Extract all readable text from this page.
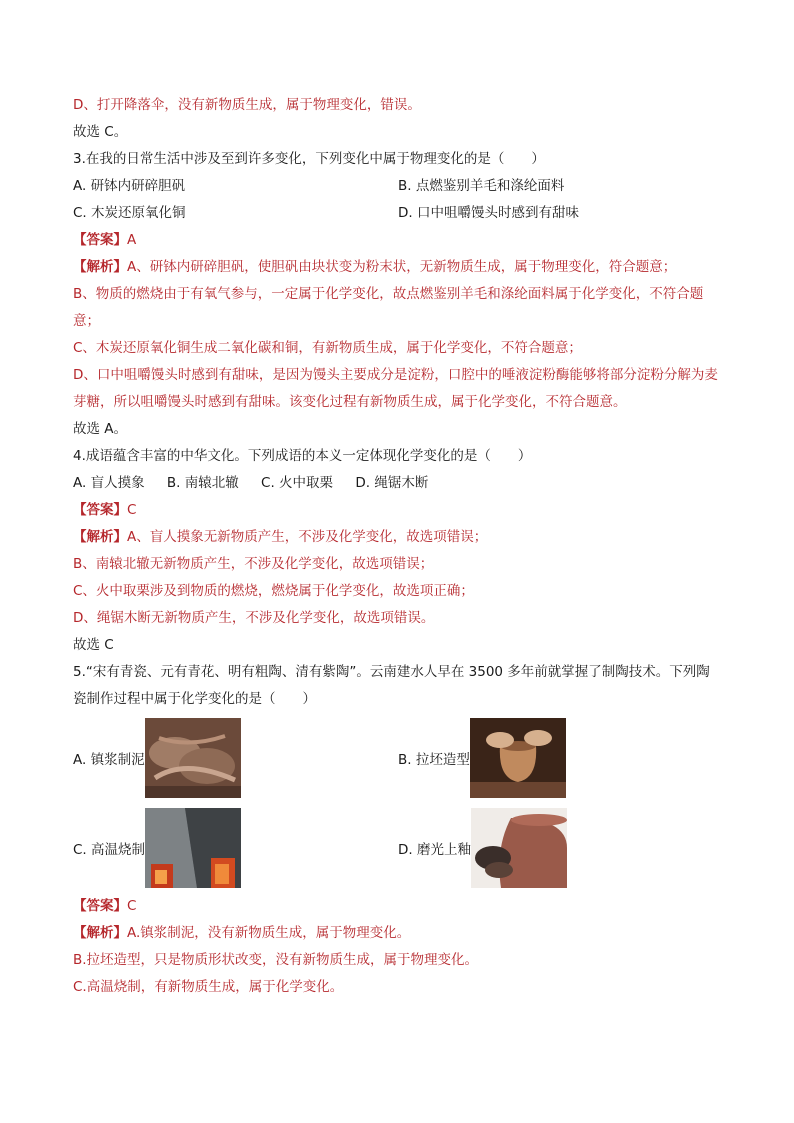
D、打开降落伞，没有新物质生成，属于物理变化，错误。
故选 C。
3.在我的日常生活中涉及至到许多变化，下列变化中属于物理变化的是（　　）
A. 研钵内研碎胆矾	B. 点燃鉴别羊毛和涤纶面料
C. 木炭还原氧化铜	D. 口中咀嚼馒头时感到有甜味
【答案】A
【解析】A、研钵内研碎胆矾，使胆矾由块状变为粉末状，无新物质生成，属于物理变化，符合题意；
B、物质的燃烧由于有氧气参与，一定属于化学变化，故点燃鉴别羊毛和涤纶面料属于化学变化，不符合题意；
C、木炭还原氧化铜生成二氧化碳和铜，有新物质生成，属于化学变化，不符合题意；
D、口中咀嚼馒头时感到有甜味，是因为馒头主要成分是淀粉，口腔中的唾液淀粉酶能够将部分淀粉分解为麦芽糖，所以咀嚼馒头时感到有甜味。该变化过程有新物质生成，属于化学变化，不符合题意。
故选 A。
4.成语蕴含丰富的中华文化。下列成语的本义一定体现化学变化的是（　　）
A. 盲人摸象 B. 南辕北辙 C. 火中取栗 D. 绳锯木断
【答案】C
【解析】A、盲人摸象无新物质产生，不涉及化学变化，故选项错误；
B、南辕北辙无新物质产生，不涉及化学变化，故选项错误；
C、火中取栗涉及到物质的燃烧，燃烧属于化学变化，故选项正确；
D、绳锯木断无新物质产生，不涉及化学变化，故选项错误。
故选 C
5.“宋有青瓷、元有青花、明有粗陶、清有紫陶”。云南建水人早在 3500 多年前就掌握了制陶技术。下列陶瓷制作过程中属于化学变化的是（　　）
A. 镇浆制泥	B. 拉坯造型
C. 高温烧制	D. 磨光上釉
【答案】C
【解析】A.镇浆制泥，没有新物质生成，属于物理变化。
B.拉坯造型，只是物质形状改变，没有新物质生成，属于物理变化。
C.高温烧制，有新物质生成，属于化学变化。
